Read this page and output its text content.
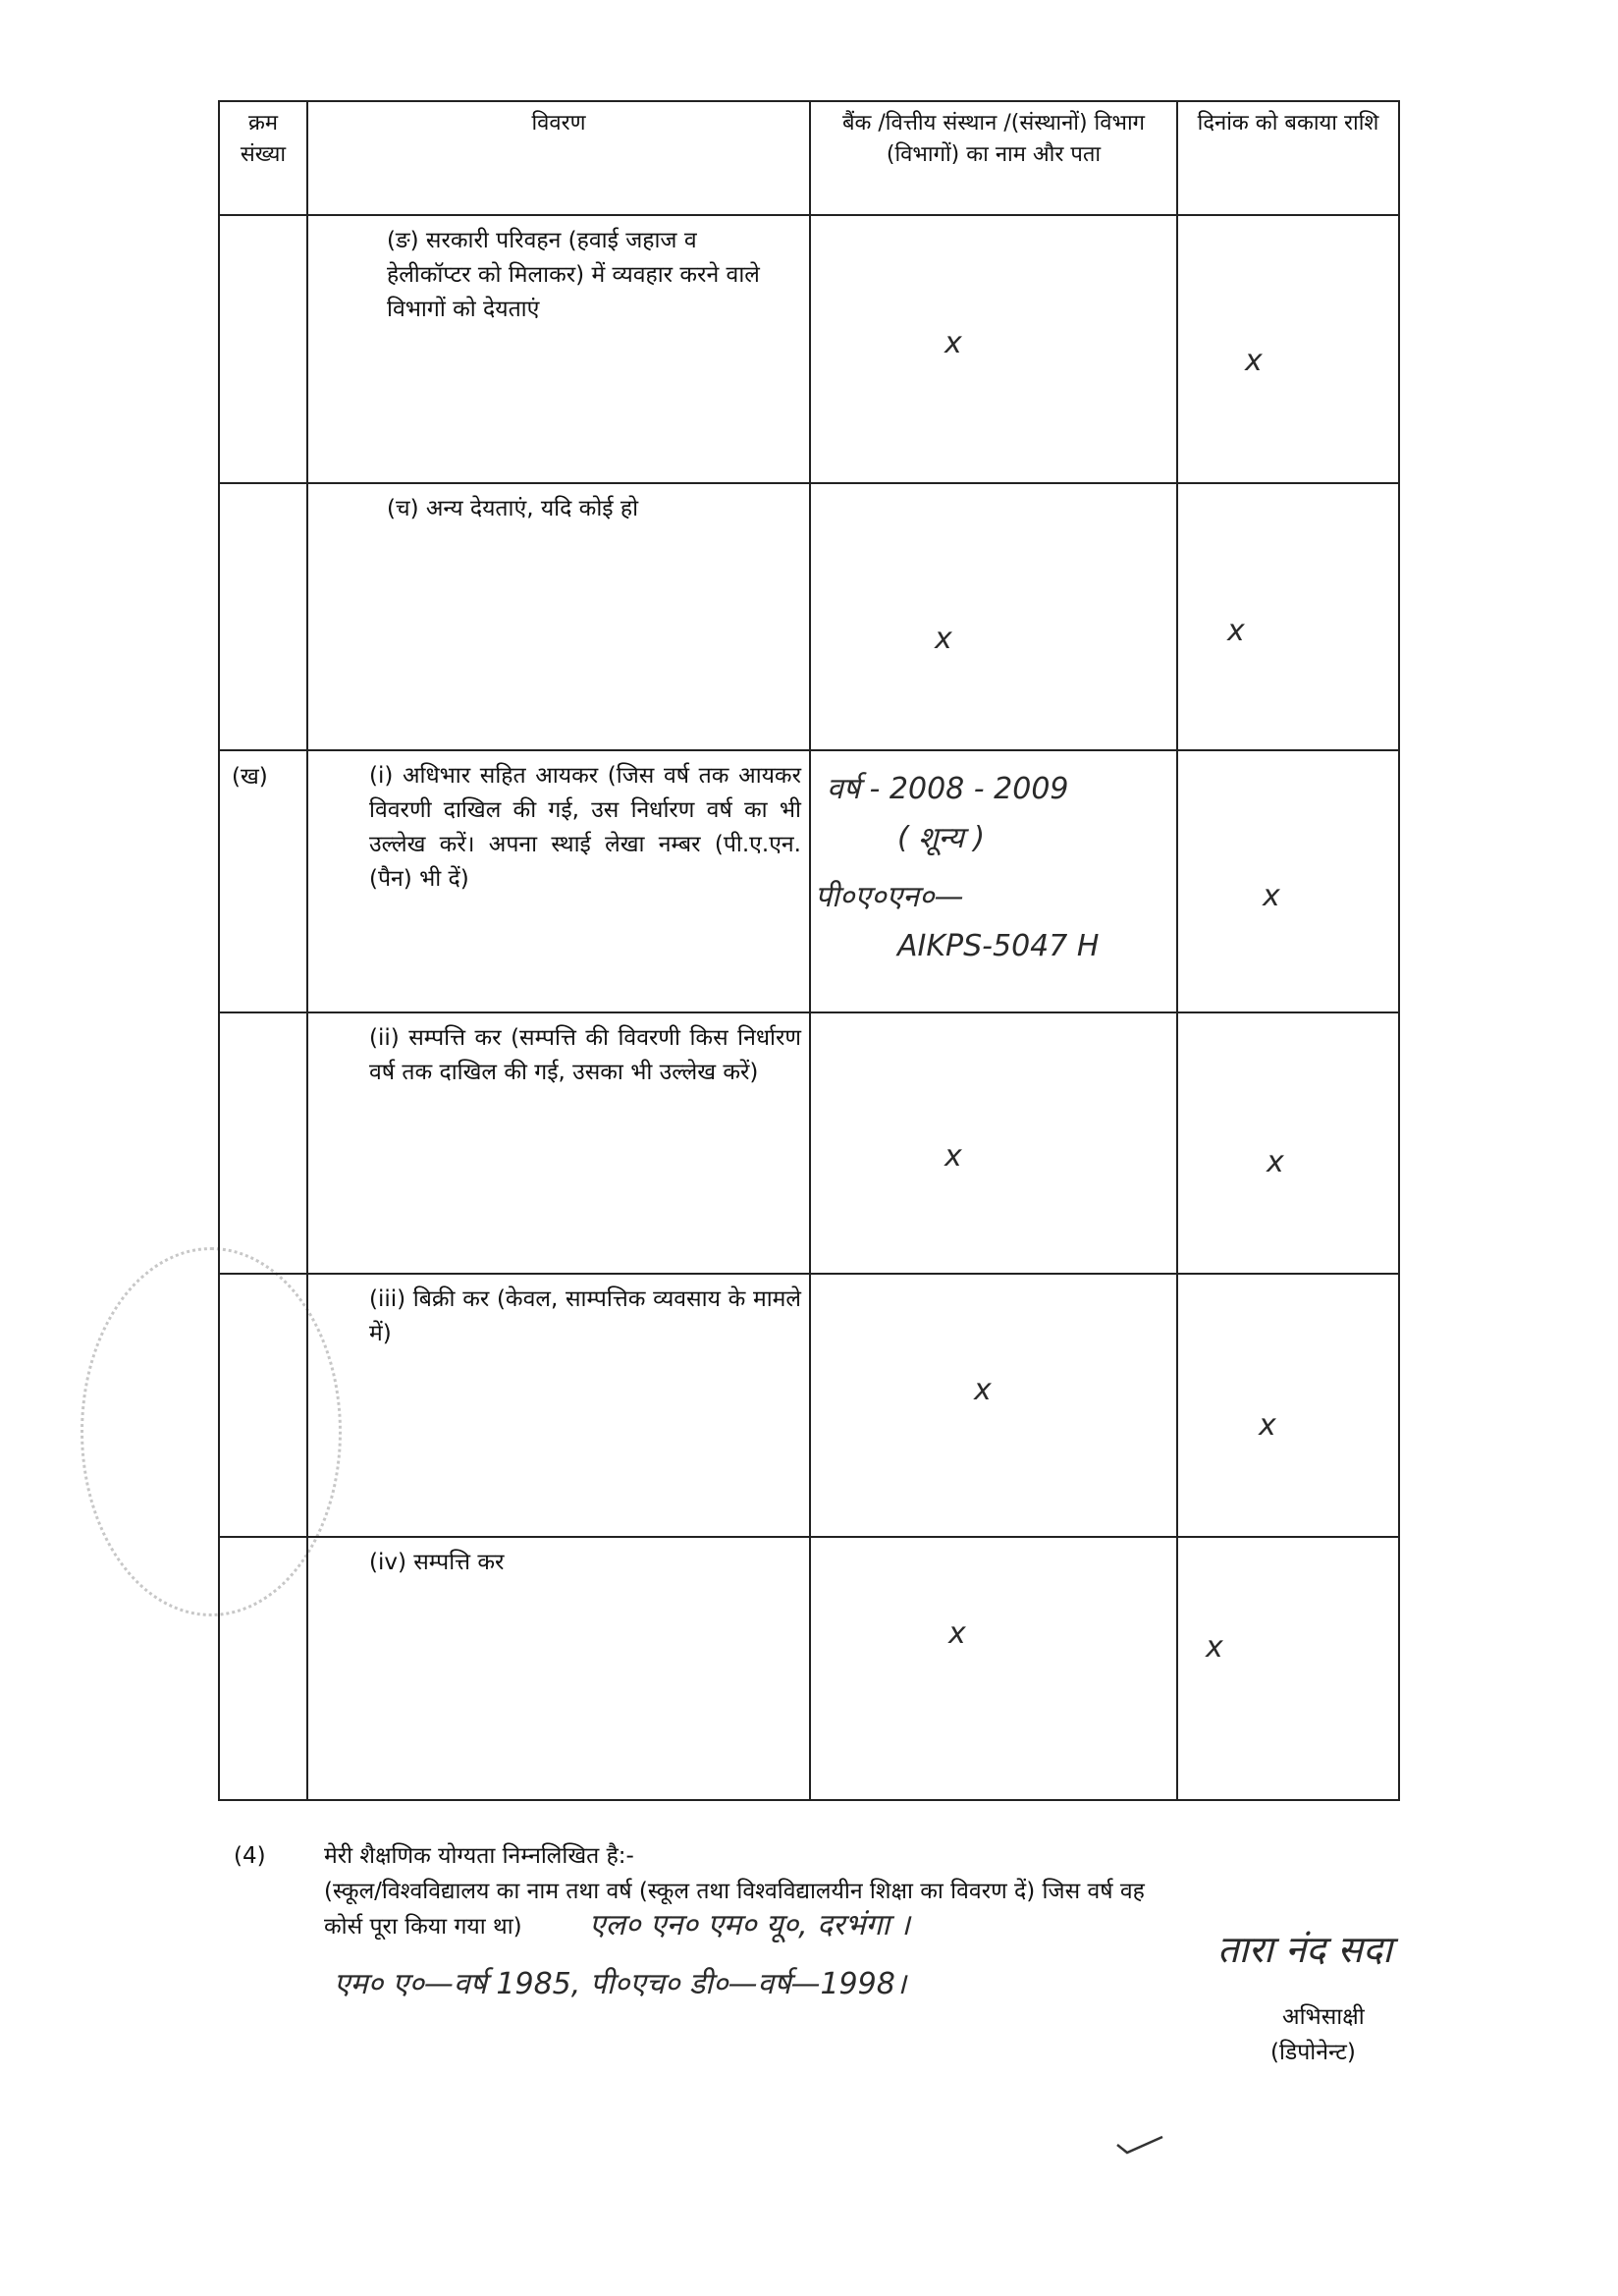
क्रम संख्या	विवरण	बैंक /वित्तीय संस्थान /(संस्थानों) विभाग (विभागों) का नाम और पता	दिनांक को बकाया राशि

	(ङ) सरकारी परिवहन (हवाई जहाज व हेलीकॉप्टर को मिलाकर) में व्यवहार करने वाले विभागों को देयताएं	x	x

	(च) अन्य देयताएं, यदि कोई हो	x	x

(ख)	(i) अधिभार सहित आयकर (जिस वर्ष तक आयकर विवरणी दाखिल की गई, उस निर्धारण वर्ष का भी उल्लेख करें। अपना स्थाई लेखा नम्बर (पी.ए.एन. (पैन) भी दें)	वर्ष - 2008 - 2009
( शून्य )
पी०ए०एन०—
AIKPS-5047 H	x

	(ii) सम्पत्ति कर (सम्पत्ति की विवरणी किस निर्धारण वर्ष तक दाखिल की गई, उसका भी उल्लेख करें)	x	x

	(iii) बिक्री कर (केवल, साम्पत्तिक व्यवसाय के मामले में)	x	x

	(iv) सम्पत्ति कर	x	x
(4)	मेरी शैक्षणिक योग्यता निम्नलिखित है:-
(स्कूल/विश्वविद्यालय का नाम तथा वर्ष (स्कूल तथा विश्वविद्यालयीन शिक्षा का विवरण दें) जिस वर्ष वह
कोर्स पूरा किया गया था) एल० एन० एम० यू०, दरभंगा ।
एम० ए०—वर्ष 1985, पी०एच० डी०—वर्ष—1998।
तारा नंद सदा
अभिसाक्षी
(डिपोनेन्ट)
